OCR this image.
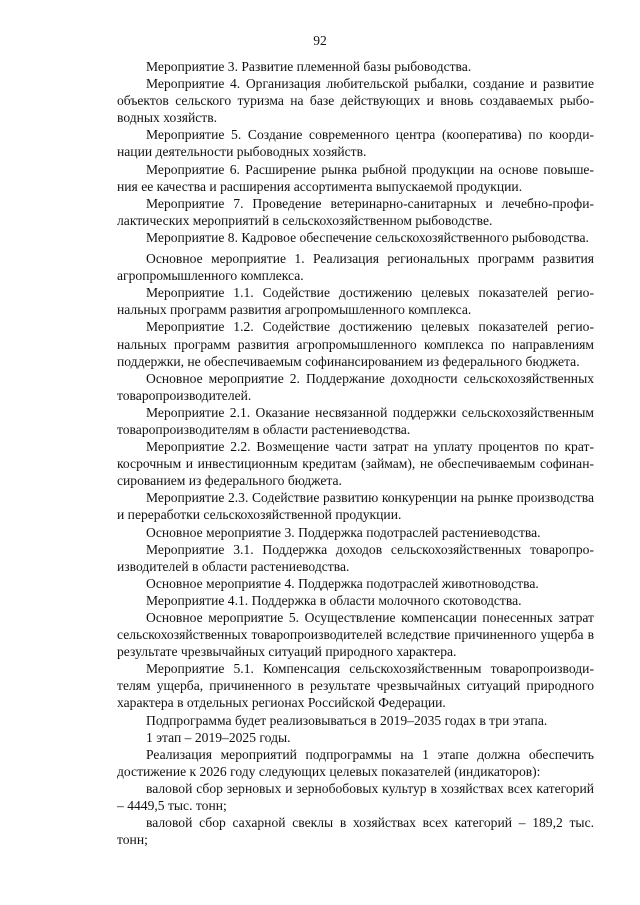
92

Мероприятие 3. Развитие племенной базы рыбоводства.

Мероприятие 4. Организация любительской рыбалки, создание и развитие объектов сельского туризма на базе действующих и вновь создаваемых рыбоводных хозяйств.

Мероприятие 5. Создание современного центра (кооператива) по координации деятельности рыбоводных хозяйств.

Мероприятие 6. Расширение рынка рыбной продукции на основе повышения ее качества и расширения ассортимента выпускаемой продукции.

Мероприятие 7. Проведение ветеринарно-санитарных и лечебно-профилактических мероприятий в сельскохозяйственном рыбоводстве.

Мероприятие 8. Кадровое обеспечение сельскохозяйственного рыбоводства.

Основное мероприятие 1. Реализация региональных программ развития агропромышленного комплекса.

Мероприятие 1.1. Содействие достижению целевых показателей региональных программ развития агропромышленного комплекса.

Мероприятие 1.2. Содействие достижению целевых показателей региональных программ развития агропромышленного комплекса по направлениям поддержки, не обеспечиваемым софинансированием из федерального бюджета.

Основное мероприятие 2. Поддержание доходности сельскохозяйственных товаропроизводителей.

Мероприятие 2.1. Оказание несвязанной поддержки сельскохозяйственным товаропроизводителям в области растениеводства.

Мероприятие 2.2. Возмещение части затрат на уплату процентов по краткосрочным и инвестиционным кредитам (займам), не обеспечиваемым софинансированием из федерального бюджета.

Мероприятие 2.3. Содействие развитию конкуренции на рынке производства и переработки сельскохозяйственной продукции.

Основное мероприятие 3. Поддержка подотраслей растениеводства.

Мероприятие 3.1. Поддержка доходов сельскохозяйственных товаропроизводителей в области растениеводства.

Основное мероприятие 4. Поддержка подотраслей животноводства.

Мероприятие 4.1. Поддержка в области молочного скотоводства.

Основное мероприятие 5. Осуществление компенсации понесенных затрат сельскохозяйственных товаропроизводителей вследствие причиненного ущерба в результате чрезвычайных ситуаций природного характера.

Мероприятие 5.1. Компенсация сельскохозяйственным товаропроизводителям ущерба, причиненного в результате чрезвычайных ситуаций природного характера в отдельных регионах Российской Федерации.

Подпрограмма будет реализовываться в 2019–2035 годах в три этапа.

1 этап – 2019–2025 годы.

Реализация мероприятий подпрограммы на 1 этапе должна обеспечить достижение к 2026 году следующих целевых показателей (индикаторов):

валовой сбор зерновых и зернобобовых культур в хозяйствах всех категорий – 4449,5 тыс. тонн;

валовой сбор сахарной свеклы в хозяйствах всех категорий – 189,2 тыс. тонн;
